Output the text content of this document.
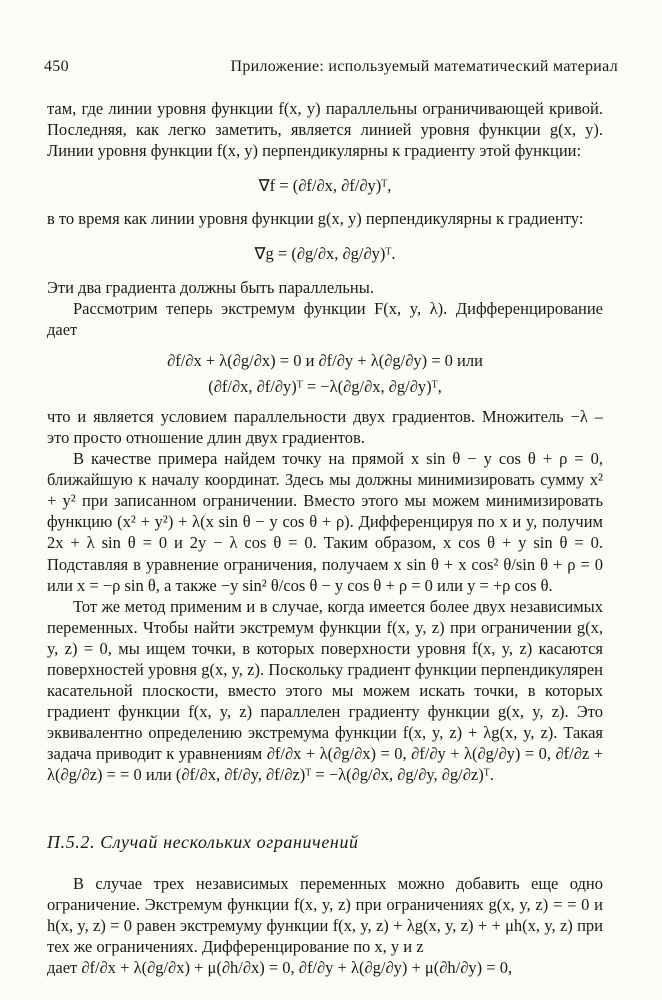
450	Приложение: используемый математический материал

там, где линии уровня функции f(x, y) параллельны ограничивающей кривой. Последняя, как легко заметить, является линией уровня функции g(x, y). Линии уровня функции f(x, y) перпендикулярны к градиенту этой функции:

∇f = (∂f/∂x, ∂f/∂y)ᵀ,

в то время как линии уровня функции g(x, y) перпендикулярны к градиенту:

∇g = (∂g/∂x, ∂g/∂y)ᵀ.

Эти два градиента должны быть параллельны.

Рассмотрим теперь экстремум функции F(x, y, λ). Дифференцирование дает

∂f/∂x + λ(∂g/∂x) = 0 и ∂f/∂y + λ(∂g/∂y) = 0 или
(∂f/∂x, ∂f/∂y)ᵀ = −λ(∂g/∂x, ∂g/∂y)ᵀ,

что и является условием параллельности двух градиентов. Множитель −λ – это просто отношение длин двух градиентов.

В качестве примера найдем точку на прямой x sin θ − y cos θ + ρ = 0, ближайшую к началу координат. Здесь мы должны минимизировать сумму x² + y² при записанном ограничении. Вместо этого мы можем минимизировать функцию (x² + y²) + λ(x sin θ − y cos θ + ρ). Дифференцируя по x и y, получим 2x + λ sin θ = 0 и 2y − λ cos θ = 0. Таким образом, x cos θ + y sin θ = 0. Подставляя в уравнение ограничения, получаем x sin θ + x cos² θ/sin θ + ρ = 0 или x = −ρ sin θ, а также −y sin² θ/cos θ − y cos θ + ρ = 0 или y = +ρ cos θ.

Тот же метод применим и в случае, когда имеется более двух независимых переменных. Чтобы найти экстремум функции f(x, y, z) при ограничении g(x, y, z) = 0, мы ищем точки, в которых поверхности уровня f(x, y, z) касаются поверхностей уровня g(x, y, z). Поскольку градиент функции перпендикулярен касательной плоскости, вместо этого мы можем искать точки, в которых градиент функции f(x, y, z) параллелен градиенту функции g(x, y, z). Это эквивалентно определению экстремума функции f(x, y, z) + λg(x, y, z). Такая задача приводит к уравнениям ∂f/∂x + λ(∂g/∂x) = 0, ∂f/∂y + λ(∂g/∂y) = 0, ∂f/∂z + λ(∂g/∂z) = = 0 или (∂f/∂x, ∂f/∂y, ∂f/∂z)ᵀ = −λ(∂g/∂x, ∂g/∂y, ∂g/∂z)ᵀ.

П.5.2. Случай нескольких ограничений

В случае трех независимых переменных можно добавить еще одно ограничение. Экстремум функции f(x, y, z) при ограничениях g(x, y, z) = = 0 и h(x, y, z) = 0 равен экстремуму функции f(x, y, z) + λg(x, y, z) + + μh(x, y, z) при тех же ограничениях. Дифференцирование по x, y и z

дает ∂f/∂x + λ(∂g/∂x) + μ(∂h/∂x) = 0, ∂f/∂y + λ(∂g/∂y) + μ(∂h/∂y) = 0,
